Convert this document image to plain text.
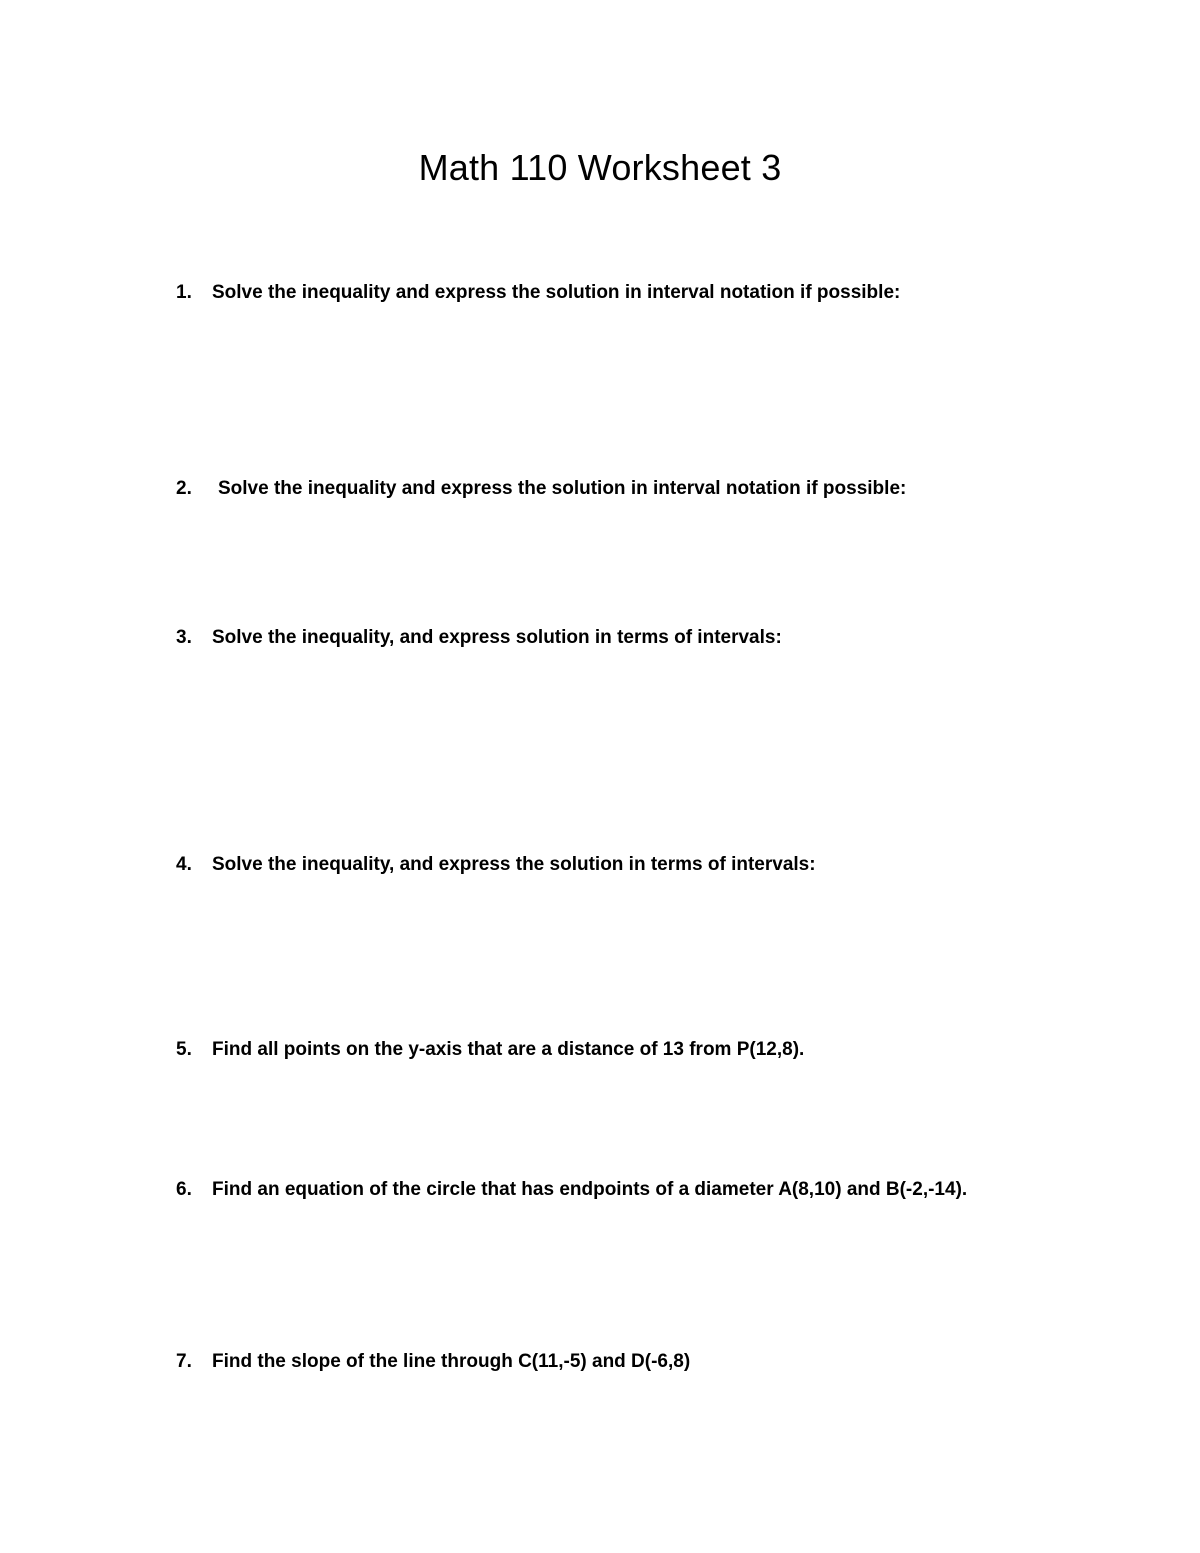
Math 110 Worksheet 3
1. Solve the inequality and express the solution in interval notation if possible:
2. Solve the inequality and express the solution in interval notation if possible:
3. Solve the inequality, and express solution in terms of intervals:
4. Solve the inequality, and express the solution in terms of intervals:
5. Find all points on the y-axis that are a distance of 13 from P(12,8).
6. Find an equation of the circle that has endpoints of a diameter A(8,10) and B(-2,-14).
7. Find the slope of the line through C(11,-5) and D(-6,8)
